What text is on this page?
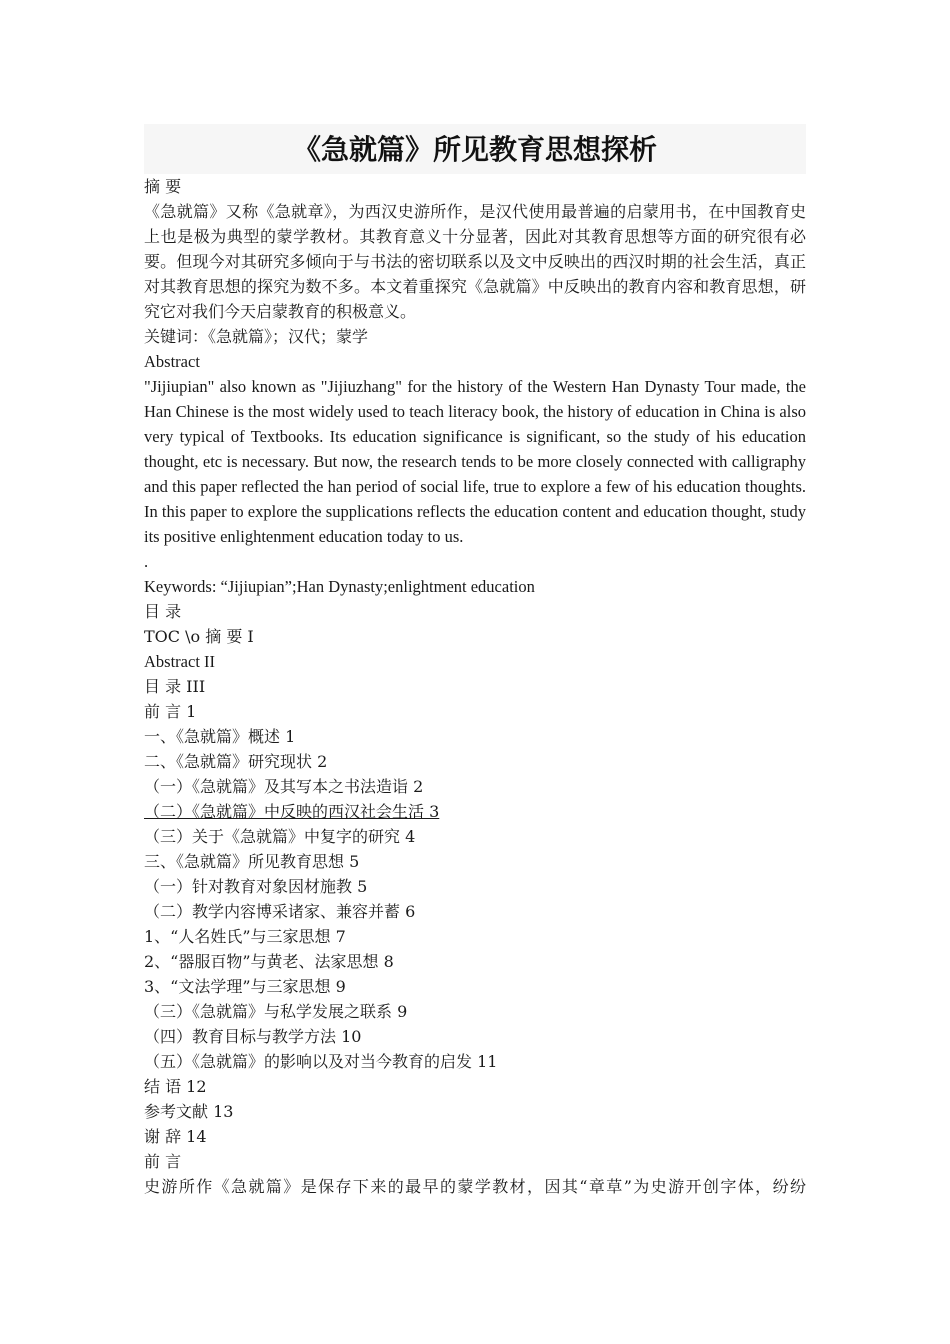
《急就篇》所见教育思想探析
摘 要
《急就篇》又称《急就章》，为西汉史游所作，是汉代使用最普遍的启蒙用书，在中国教育史上也是极为典型的蒙学教材。其教育意义十分显著，因此对其教育思想等方面的研究很有必要。但现今对其研究多倾向于与书法的密切联系以及文中反映出的西汉时期的社会生活，真正对其教育思想的探究为数不多。本文着重探究《急就篇》中反映出的教育内容和教育思想，研究它对我们今天启蒙教育的积极意义。
关键词：《急就篇》；汉代；蒙学
Abstract
"Jijiupian" also known as "Jijiuzhang" for the history of the Western Han Dynasty Tour made, the Han Chinese is the most widely used to teach literacy book, the history of education in China is also very typical of Textbooks. Its education significance is significant, so the study of his education thought, etc is necessary. But now, the research tends to be more closely connected with calligraphy and this paper reflected the han period of social life, true to explore a few of his education thoughts. In this paper to explore the supplications reflects the education content and education thought, study its positive enlightenment education today to us.
.
Keywords: “Jijiupian”;Han Dynasty;enlightment education
目 录
TOC \o 摘 要 I
Abstract II
目 录 III
前 言 1
一、《急就篇》概述 1
二、《急就篇》研究现状 2
（一）《急就篇》及其写本之书法造诣 2
（二）《急就篇》中反映的西汉社会生活 3
（三）关于《急就篇》中复字的研究 4
三、《急就篇》所见教育思想 5
（一）针对教育对象因材施教 5
（二）教学内容博采诸家、兼容并蓄 6
1、“人名姓氏”与三家思想 7
2、“器服百物”与黄老、法家思想 8
3、“文法学理”与三家思想 9
（三）《急就篇》与私学发展之联系 9
（四）教育目标与教学方法 10
（五）《急就篇》的影响以及对当今教育的启发 11
结 语 12
参考文献 13
谢 辞 14
前 言
史游所作《急就篇》是保存下来的最早的蒙学教材，因其“章草”为史游开创字体，纷纷
